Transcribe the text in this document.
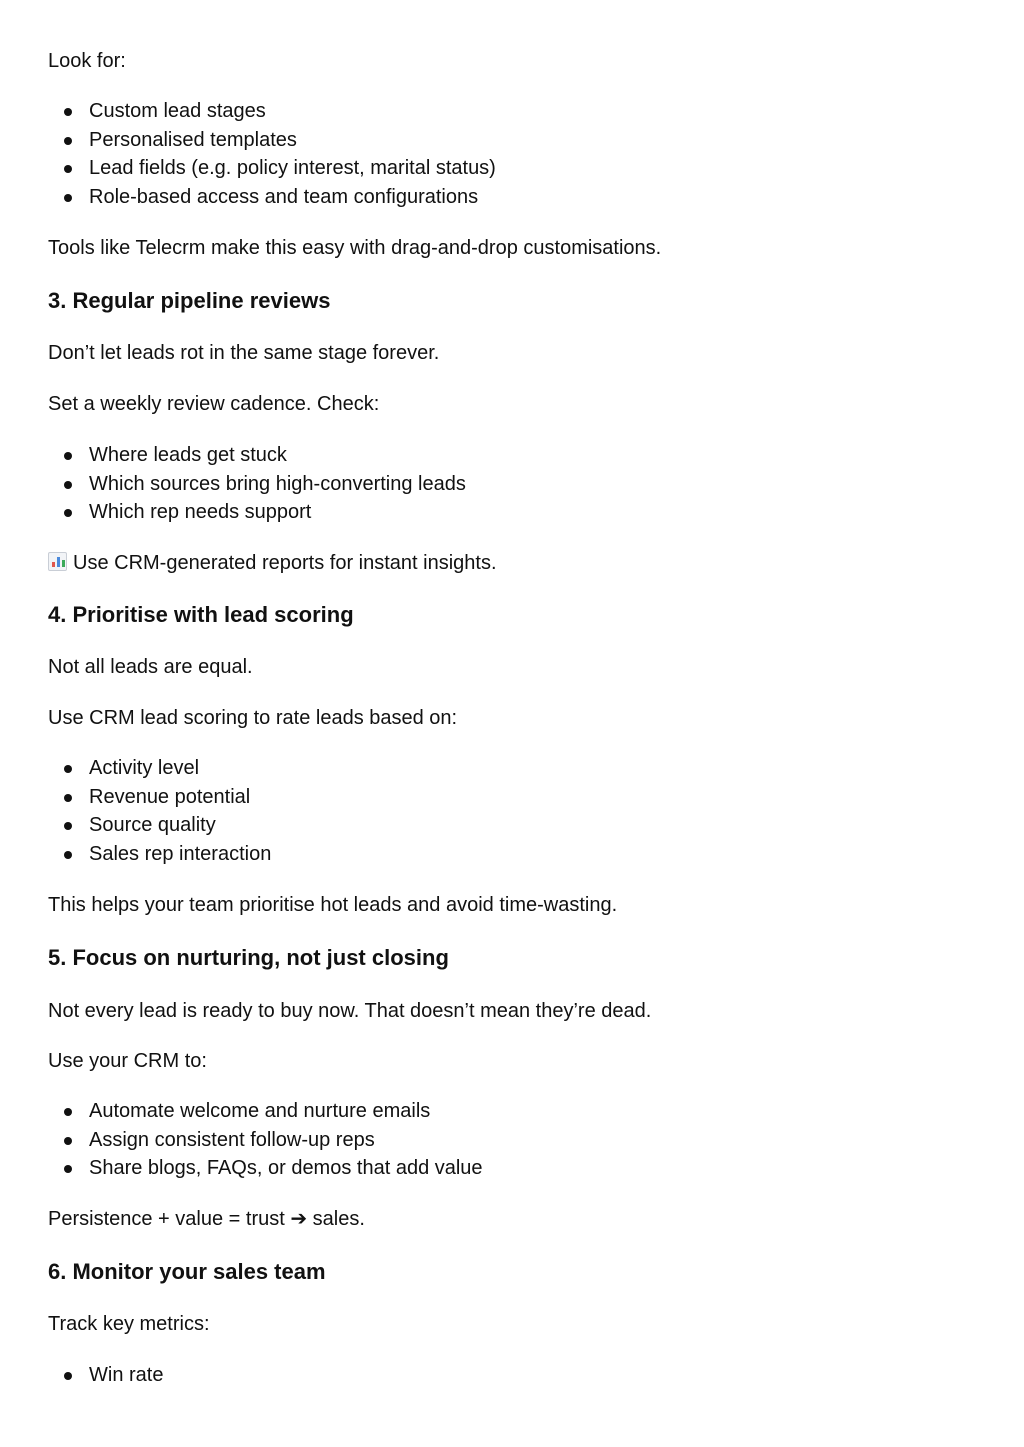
Look for:

Custom lead stages
Personalised templates
Lead fields (e.g. policy interest, marital status)
Role-based access and team configurations

Tools like Telecrm make this easy with drag-and-drop customisations.

3. Regular pipeline reviews

Don’t let leads rot in the same stage forever.

Set a weekly review cadence. Check:

Where leads get stuck
Which sources bring high-converting leads
Which rep needs support

Use CRM-generated reports for instant insights.

4. Prioritise with lead scoring

Not all leads are equal.

Use CRM lead scoring to rate leads based on:

Activity level
Revenue potential
Source quality
Sales rep interaction

This helps your team prioritise hot leads and avoid time-wasting.

5. Focus on nurturing, not just closing

Not every lead is ready to buy now. That doesn’t mean they’re dead.

Use your CRM to:

Automate welcome and nurture emails
Assign consistent follow-up reps
Share blogs, FAQs, or demos that add value

Persistence + value = trust ➔ sales.

6. Monitor your sales team

Track key metrics:

Win rate
